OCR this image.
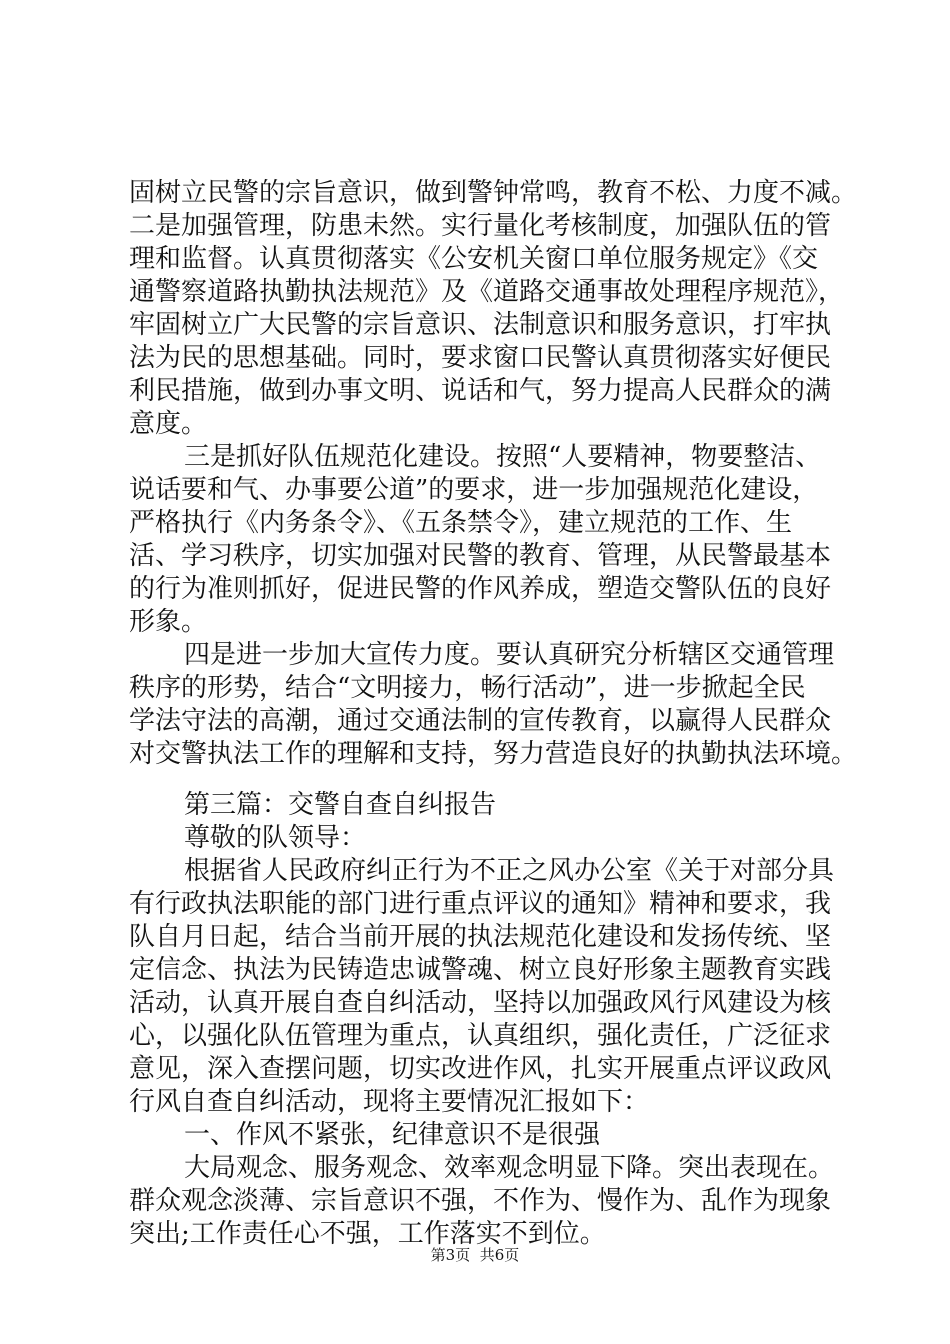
固树立民警的宗旨意识，做到警钟常鸣，教育不松、力度不减。
二是加强管理，防患未然。实行量化考核制度，加强队伍的管
理和监督。认真贯彻落实《公安机关窗口单位服务规定》《交
通警察道路执勤执法规范》及《道路交通事故处理程序规范》，
牢固树立广大民警的宗旨意识、法制意识和服务意识，打牢执
法为民的思想基础。同时，要求窗口民警认真贯彻落实好便民
利民措施，做到办事文明、说话和气，努力提高人民群众的满
意度。
三是抓好队伍规范化建设。按照“人要精神，物要整洁、
说话要和气、办事要公道”的要求，进一步加强规范化建设，
严格执行《内务条令》、《五条禁令》，建立规范的工作、生
活、学习秩序，切实加强对民警的教育、管理，从民警最基本
的行为准则抓好，促进民警的作风养成，塑造交警队伍的良好
形象。
四是进一步加大宣传力度。要认真研究分析辖区交通管理
秩序的形势，结合“文明接力，畅行活动”，进一步掀起全民
学法守法的高潮，通过交通法制的宣传教育，以赢得人民群众
对交警执法工作的理解和支持，努力营造良好的执勤执法环境。
第三篇：交警自查自纠报告
尊敬的队领导：
根据省人民政府纠正行为不正之风办公室《关于对部分具
有行政执法职能的部门进行重点评议的通知》精神和要求，我
队自月日起，结合当前开展的执法规范化建设和发扬传统、坚
定信念、执法为民铸造忠诚警魂、树立良好形象主题教育实践
活动，认真开展自查自纠活动，坚持以加强政风行风建设为核
心，以强化队伍管理为重点，认真组织，强化责任，广泛征求
意见，深入查摆问题，切实改进作风，扎实开展重点评议政风
行风自查自纠活动，现将主要情况汇报如下：
一、作风不紧张，纪律意识不是很强
大局观念、服务观念、效率观念明显下降。突出表现在。
群众观念淡薄、宗旨意识不强，不作为、慢作为、乱作为现象
突出;工作责任心不强，工作落实不到位。
第3页 共6页
